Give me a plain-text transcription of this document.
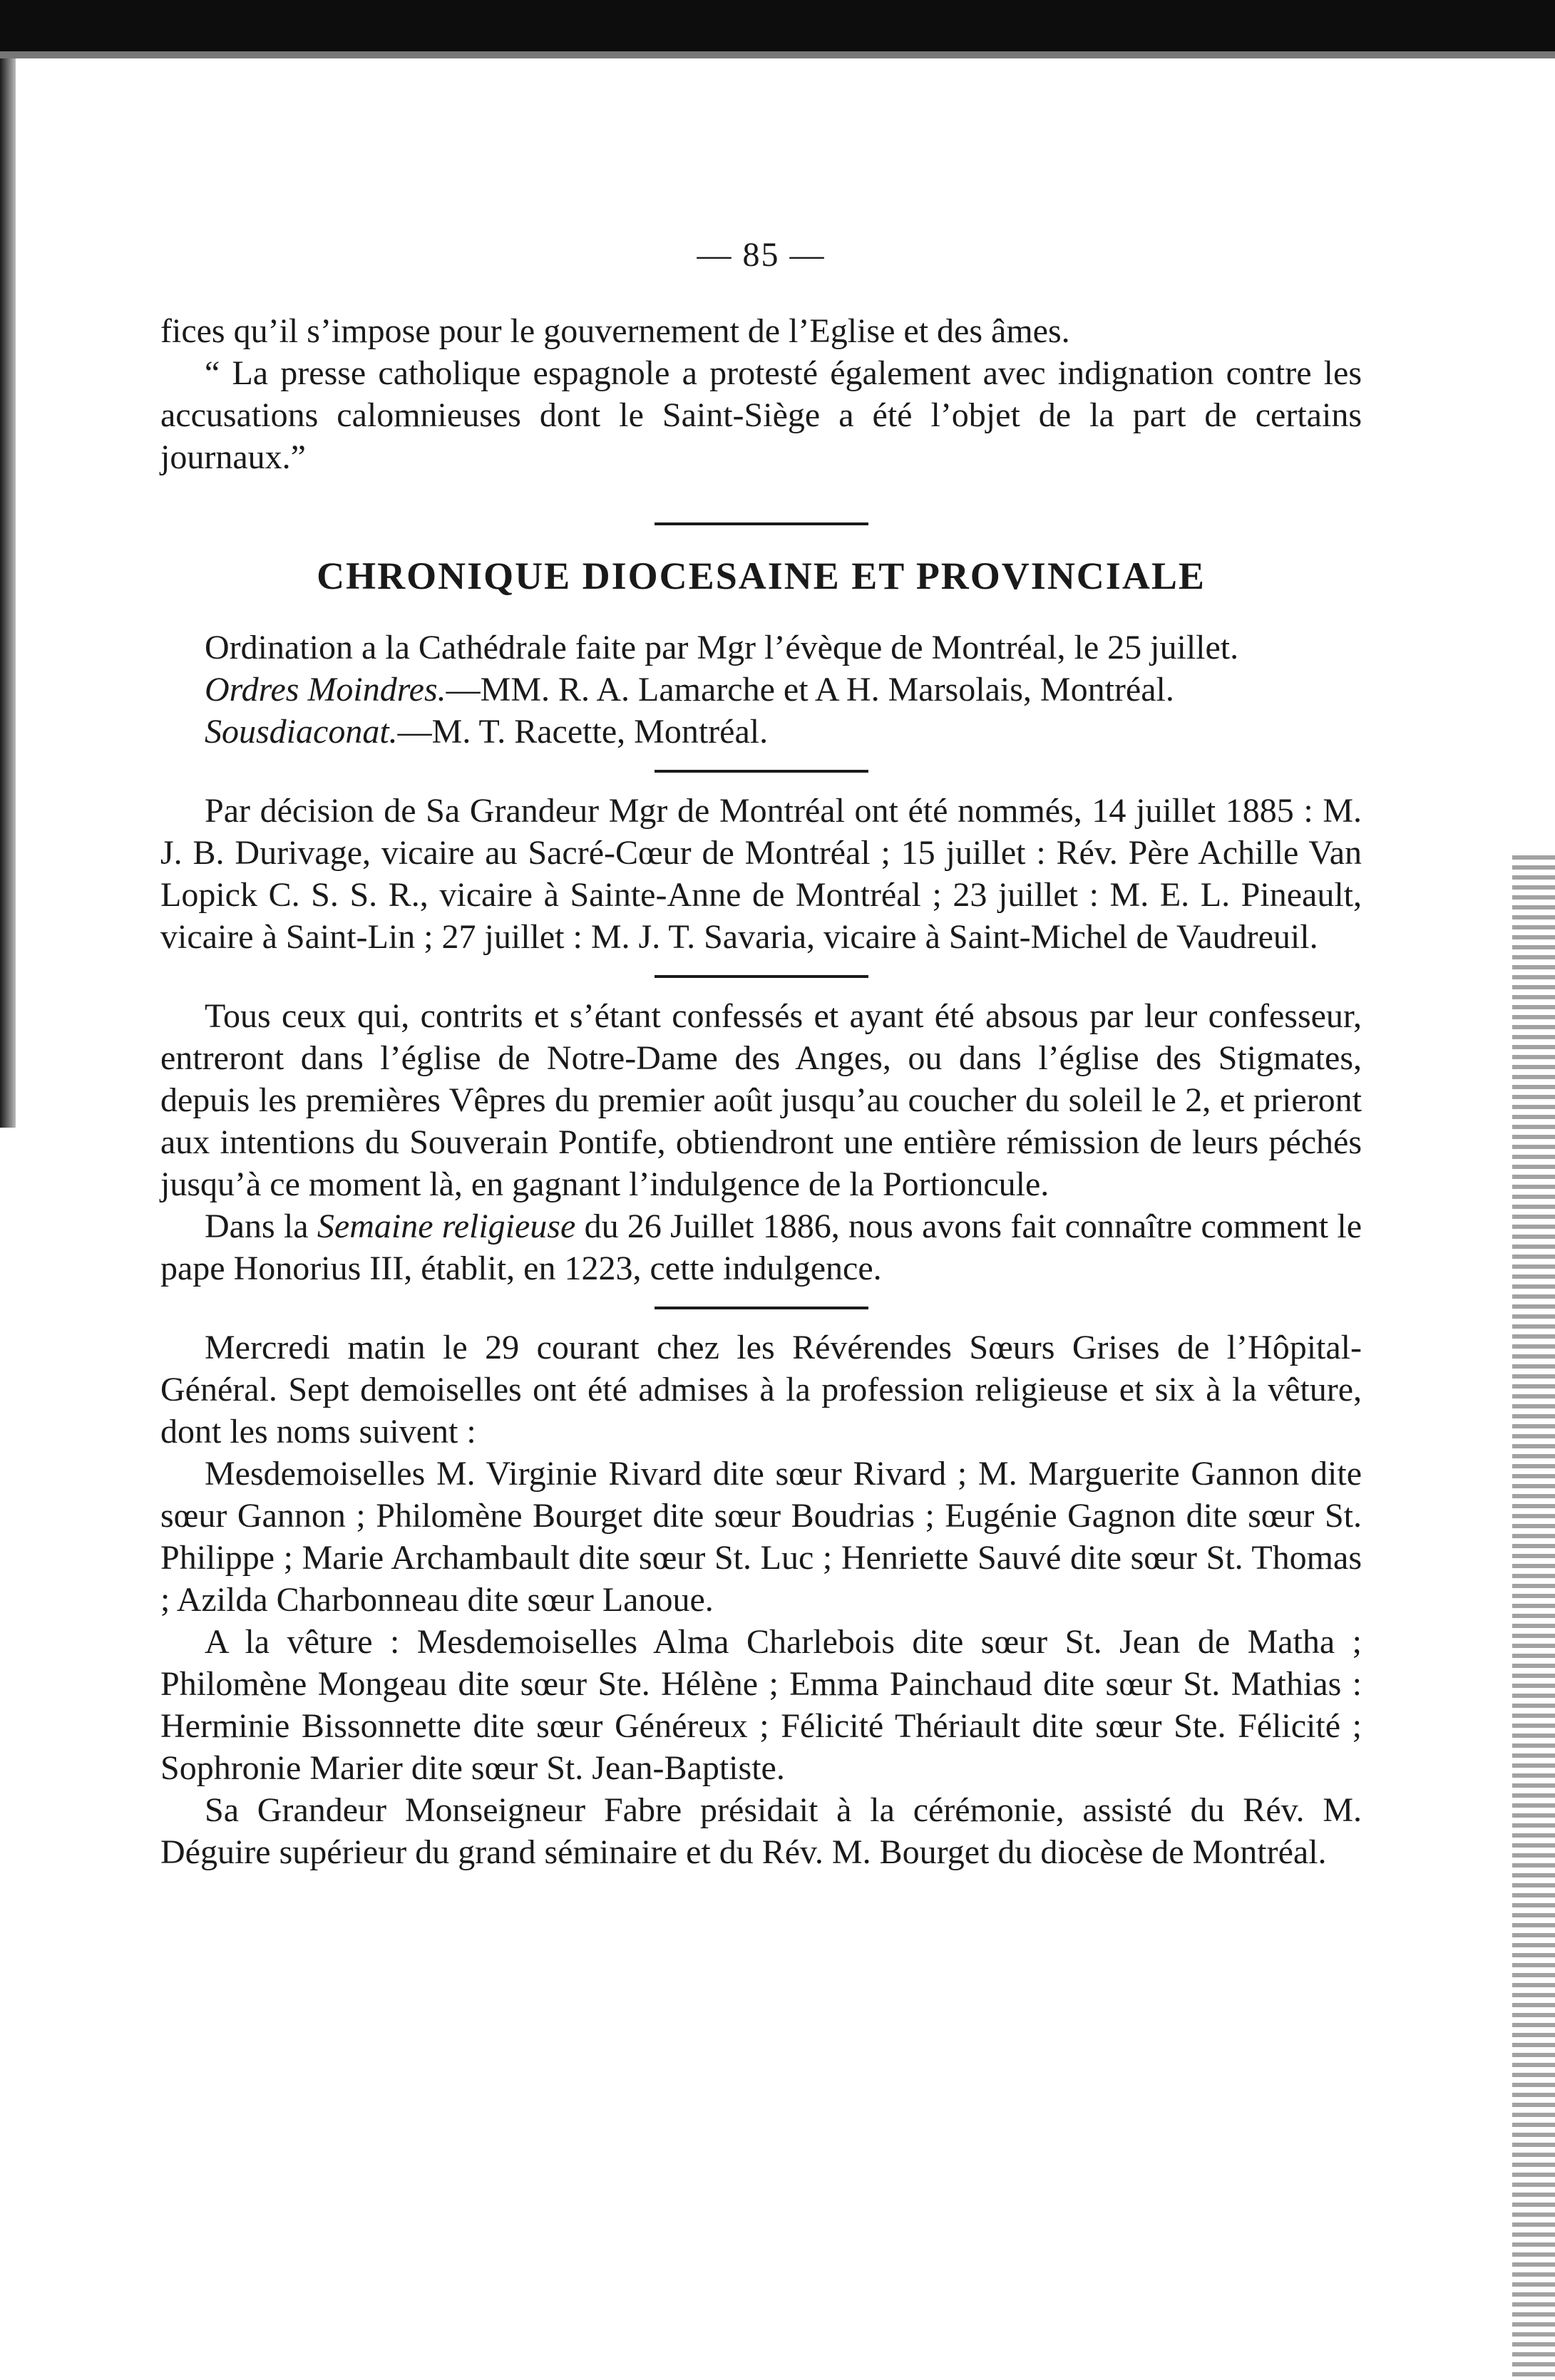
— 85 —

fices qu’il s’impose pour le gouvernement de l’Eglise et des âmes.

“ La presse catholique espagnole a protesté également avec indignation contre les accusations calomnieuses dont le Saint-Siège a été l’objet de la part de certains journaux.”

CHRONIQUE DIOCESAINE ET PROVINCIALE

Ordination a la Cathédrale faite par Mgr l’évèque de Montréal, le 25 juillet.

Ordres Moindres.—MM. R. A. Lamarche et A H. Marsolais, Montréal.

Sousdiaconat.—M. T. Racette, Montréal.

Par décision de Sa Grandeur Mgr de Montréal ont été nommés, 14 juillet 1885 : M. J. B. Durivage, vicaire au Sacré-Cœur de Montréal ; 15 juillet : Rév. Père Achille Van Lopick C. S. S. R., vicaire à Sainte-Anne de Montréal ; 23 juillet : M. E. L. Pineault, vicaire à Saint-Lin ; 27 juillet : M. J. T. Savaria, vicaire à Saint-Michel de Vaudreuil.

Tous ceux qui, contrits et s’étant confessés et ayant été absous par leur confesseur, entreront dans l’église de Notre-Dame des Anges, ou dans l’église des Stigmates, depuis les premières Vêpres du premier août jusqu’au coucher du soleil le 2, et prieront aux intentions du Souverain Pontife, obtiendront une entière rémission de leurs péchés jusqu’à ce moment là, en gagnant l’indulgence de la Portioncule.

Dans la Semaine religieuse du 26 Juillet 1886, nous avons fait connaître comment le pape Honorius III, établit, en 1223, cette indulgence.

Mercredi matin le 29 courant chez les Révérendes Sœurs Grises de l’Hôpital-Général. Sept demoiselles ont été admises à la profession religieuse et six à la vêture, dont les noms suivent :

Mesdemoiselles M. Virginie Rivard dite sœur Rivard ; M. Marguerite Gannon dite sœur Gannon ; Philomène Bourget dite sœur Boudrias ; Eugénie Gagnon dite sœur St. Philippe ; Marie Archambault dite sœur St. Luc ; Henriette Sauvé dite sœur St. Thomas ; Azilda Charbonneau dite sœur Lanoue.

A la vêture : Mesdemoiselles Alma Charlebois dite sœur St. Jean de Matha ; Philomène Mongeau dite sœur Ste. Hélène ; Emma Painchaud dite sœur St. Mathias : Herminie Bissonnette dite sœur Généreux ; Félicité Thériault dite sœur Ste. Félicité ; Sophronie Marier dite sœur St. Jean-Baptiste.

Sa Grandeur Monseigneur Fabre présidait à la cérémonie, assisté du Rév. M. Déguire supérieur du grand séminaire et du Rév. M. Bourget du diocèse de Montréal.
